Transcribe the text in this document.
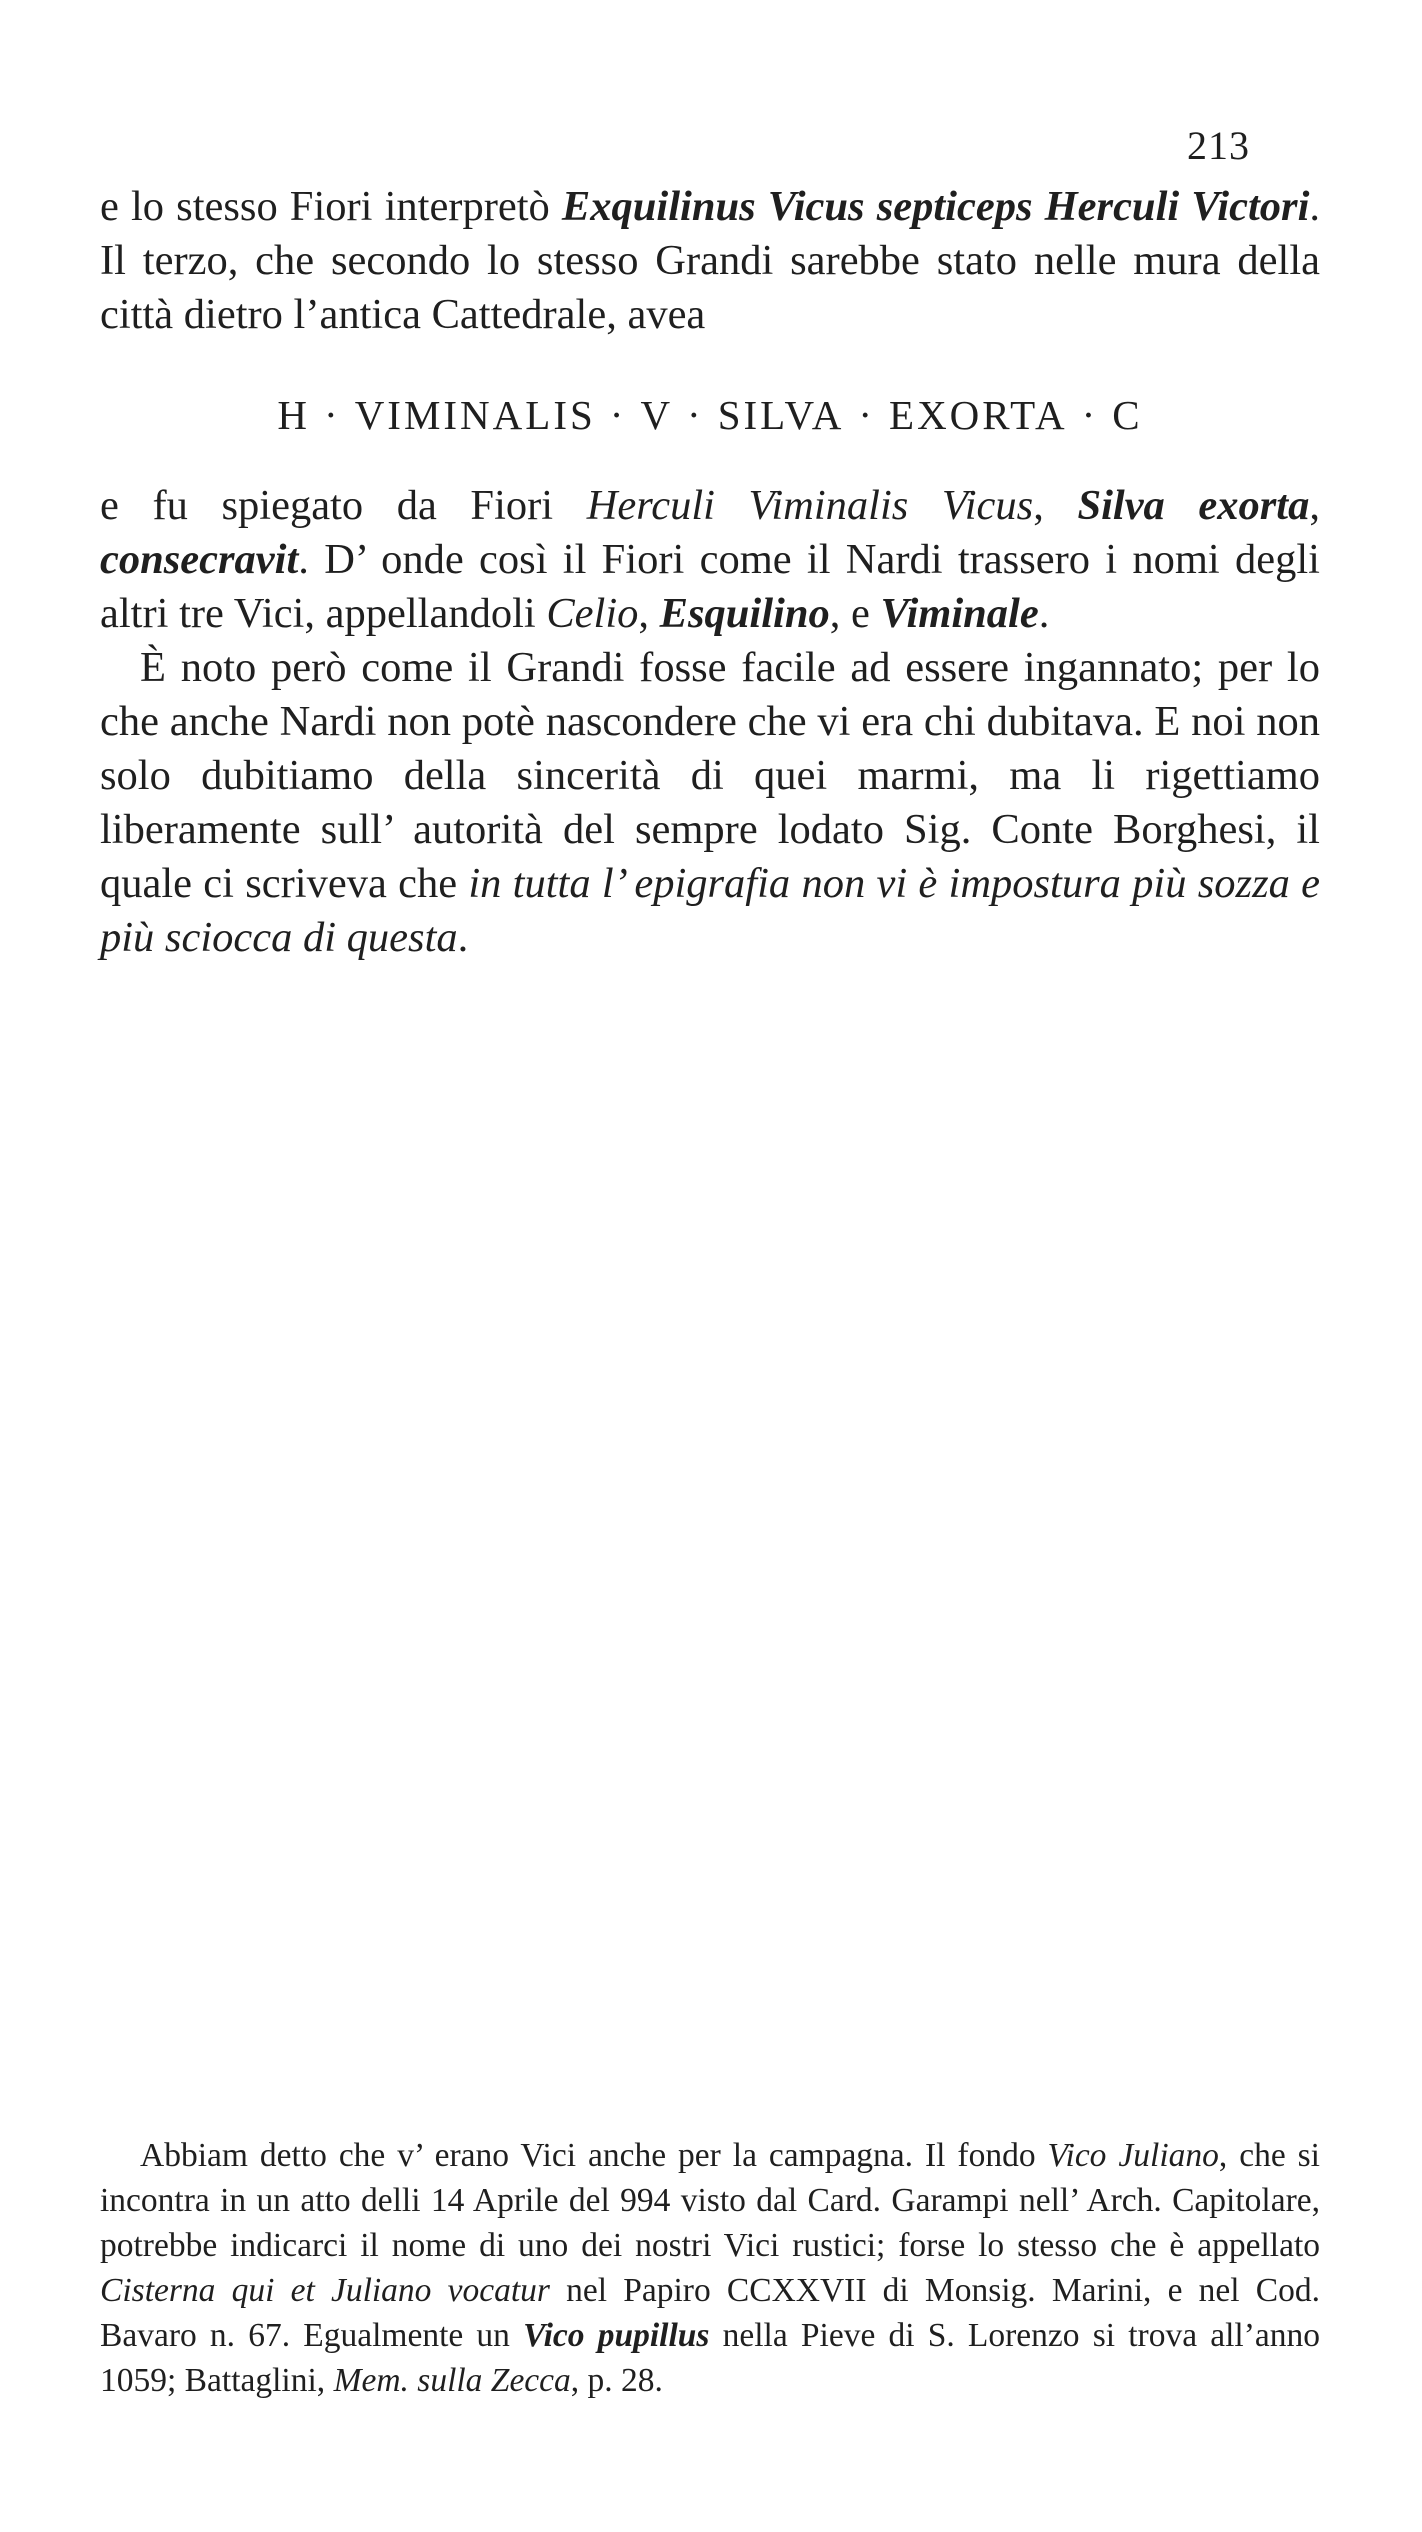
213

e lo stesso Fiori interpretò Exquilinus Vicus septiceps Herculi Victori. Il terzo, che secondo lo stesso Grandi sarebbe stato nelle mura della città dietro l’antica Cattedrale, avea

H · VIMINALIS · V · SILVA · EXORTA · C

e fu spiegato da Fiori Herculi Viminalis Vicus, Silva exorta, consecravit. D’ onde così il Fiori come il Nardi trassero i nomi degli altri tre Vici, appellandoli Celio, Esquilino, e Viminale.

È noto però come il Grandi fosse facile ad essere ingannato; per lo che anche Nardi non potè nascondere che vi era chi dubitava. E noi non solo dubitiamo della sincerità di quei marmi, ma li rigettiamo liberamente sull’ autorità del sempre lodato Sig. Conte Borghesi, il quale ci scriveva che in tutta l’ epigrafia non vi è impostura più sozza e più sciocca di questa.

Abbiam detto che v’ erano Vici anche per la campagna. Il fondo Vico Juliano, che si incontra in un atto delli 14 Aprile del 994 visto dal Card. Garampi nell’ Arch. Capitolare, potrebbe indicarci il nome di uno dei nostri Vici rustici; forse lo stesso che è appellato Cisterna qui et Juliano vocatur nel Papiro CCXXVII di Monsig. Marini, e nel Cod. Bavaro n. 67. Egualmente un Vico pupillus nella Pieve di S. Lorenzo si trova all’anno 1059; Battaglini, Mem. sulla Zecca, p. 28.
